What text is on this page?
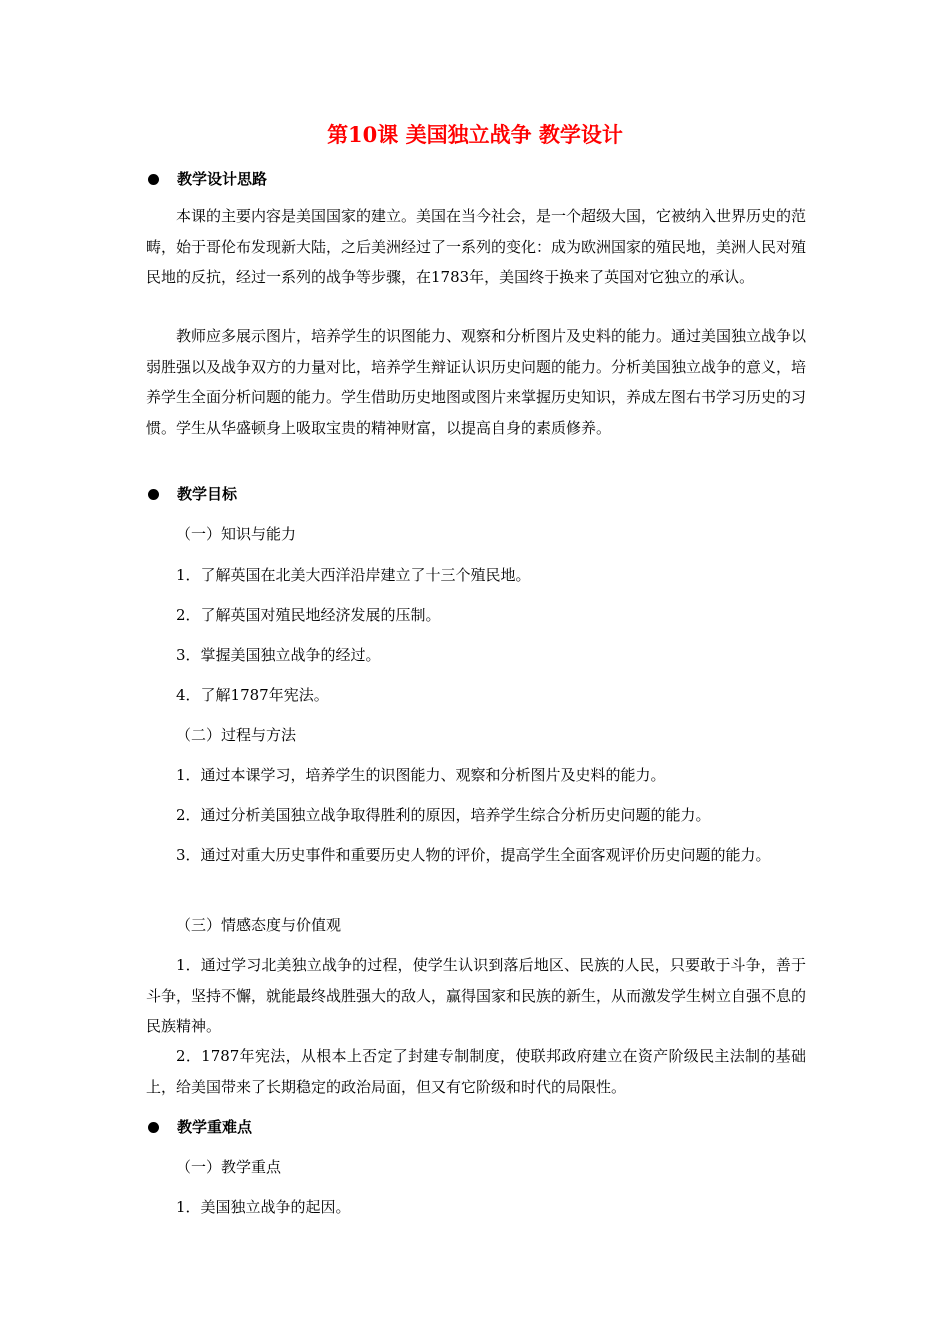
第10课 美国独立战争 教学设计
教学设计思路

本课的主要内容是美国国家的建立。美国在当今社会，是一个超级大国，它被纳入世界历史的范畴，始于哥伦布发现新大陆，之后美洲经过了一系列的变化：成为欧洲国家的殖民地，美洲人民对殖民地的反抗，经过一系列的战争等步骤，在1783年，美国终于换来了英国对它独立的承认。

教师应多展示图片，培养学生的识图能力、观察和分析图片及史料的能力。通过美国独立战争以弱胜强以及战争双方的力量对比，培养学生辩证认识历史问题的能力。分析美国独立战争的意义，培养学生全面分析问题的能力。学生借助历史地图或图片来掌握历史知识，养成左图右书学习历史的习惯。学生从华盛顿身上吸取宝贵的精神财富，以提高自身的素质修养。

教学目标

（一）知识与能力

1．了解英国在北美大西洋沿岸建立了十三个殖民地。

2．了解英国对殖民地经济发展的压制。

3．掌握美国独立战争的经过。

4．了解1787年宪法。

（二）过程与方法

1．通过本课学习，培养学生的识图能力、观察和分析图片及史料的能力。

2．通过分析美国独立战争取得胜利的原因，培养学生综合分析历史问题的能力。

3．通过对重大历史事件和重要历史人物的评价，提高学生全面客观评价历史问题的能力。

（三）情感态度与价值观

1．通过学习北美独立战争的过程，使学生认识到落后地区、民族的人民，只要敢于斗争，善于斗争，坚持不懈，就能最终战胜强大的敌人，赢得国家和民族的新生，从而激发学生树立自强不息的民族精神。

2．1787年宪法，从根本上否定了封建专制制度，使联邦政府建立在资产阶级民主法制的基础上，给美国带来了长期稳定的政治局面，但又有它阶级和时代的局限性。

教学重难点

（一）教学重点

1．美国独立战争的起因。
